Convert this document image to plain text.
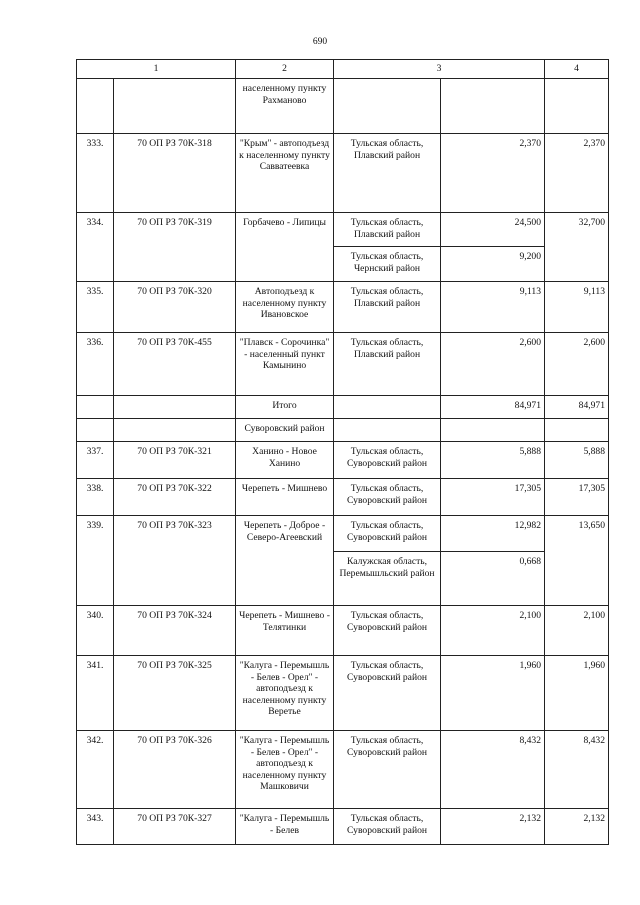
690
1		2	3		4
		населенному пункту Рахманово			
333.	70 ОП РЗ 70К-318	"Крым" - автоподъезд к населенному пункту Савватеевка	Тульская область, Плавский район	2,370	2,370
334.	70 ОП РЗ 70К-319	Горбачево - Липицы	Тульская область, Плавский район	24,500	32,700
			Тульская область, Чернский район	9,200	
335.	70 ОП РЗ 70К-320	Автоподъезд к населенному пункту Ивановское	Тульская область, Плавский район	9,113	9,113
336.	70 ОП РЗ 70К-455	"Плавск - Сорочинка" - населенный пункт Камынино	Тульская область, Плавский район	2,600	2,600
		Итого		84,971	84,971
		Суворовский район			
337.	70 ОП РЗ 70К-321	Ханино - Новое Ханино	Тульская область, Суворовский район	5,888	5,888
338.	70 ОП РЗ 70К-322	Черепеть - Мишнево	Тульская область, Суворовский район	17,305	17,305
339.	70 ОП РЗ 70К-323	Черепеть - Доброе - Северо-Агеевский	Тульская область, Суворовский район	12,982	13,650
			Калужская область, Перемышльский район	0,668	
340.	70 ОП РЗ 70К-324	Черепеть - Мишнево - Телятинки	Тульская область, Суворовский район	2,100	2,100
341.	70 ОП РЗ 70К-325	"Калуга - Перемышль - Белев - Орел" - автоподъезд к населенному пункту Веретье	Тульская область, Суворовский район	1,960	1,960
342.	70 ОП РЗ 70К-326	"Калуга - Перемышль - Белев - Орел" - автоподъезд к населенному пункту Машковичи	Тульская область, Суворовский район	8,432	8,432
343.	70 ОП РЗ 70К-327	"Калуга - Перемышль - Белев	Тульская область, Суворовский район	2,132	2,132
